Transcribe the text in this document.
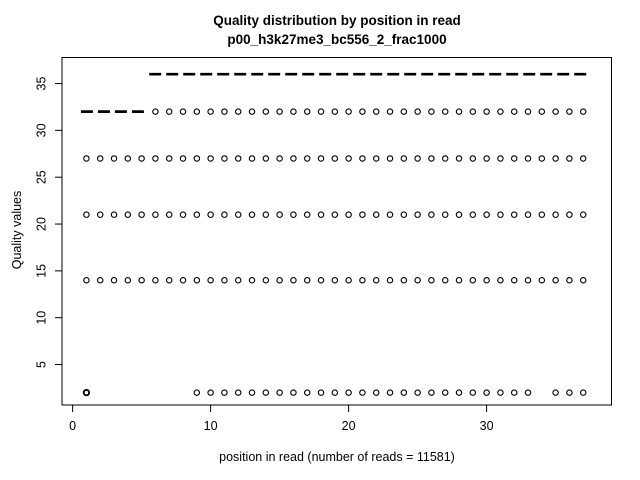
Quality distribution by position in read
p00_h3k27me3_bc556_2_frac1000
0	10	20	30
5
10
15
20
25
30
35
position in read (number of reads = 11581)
Quality values
